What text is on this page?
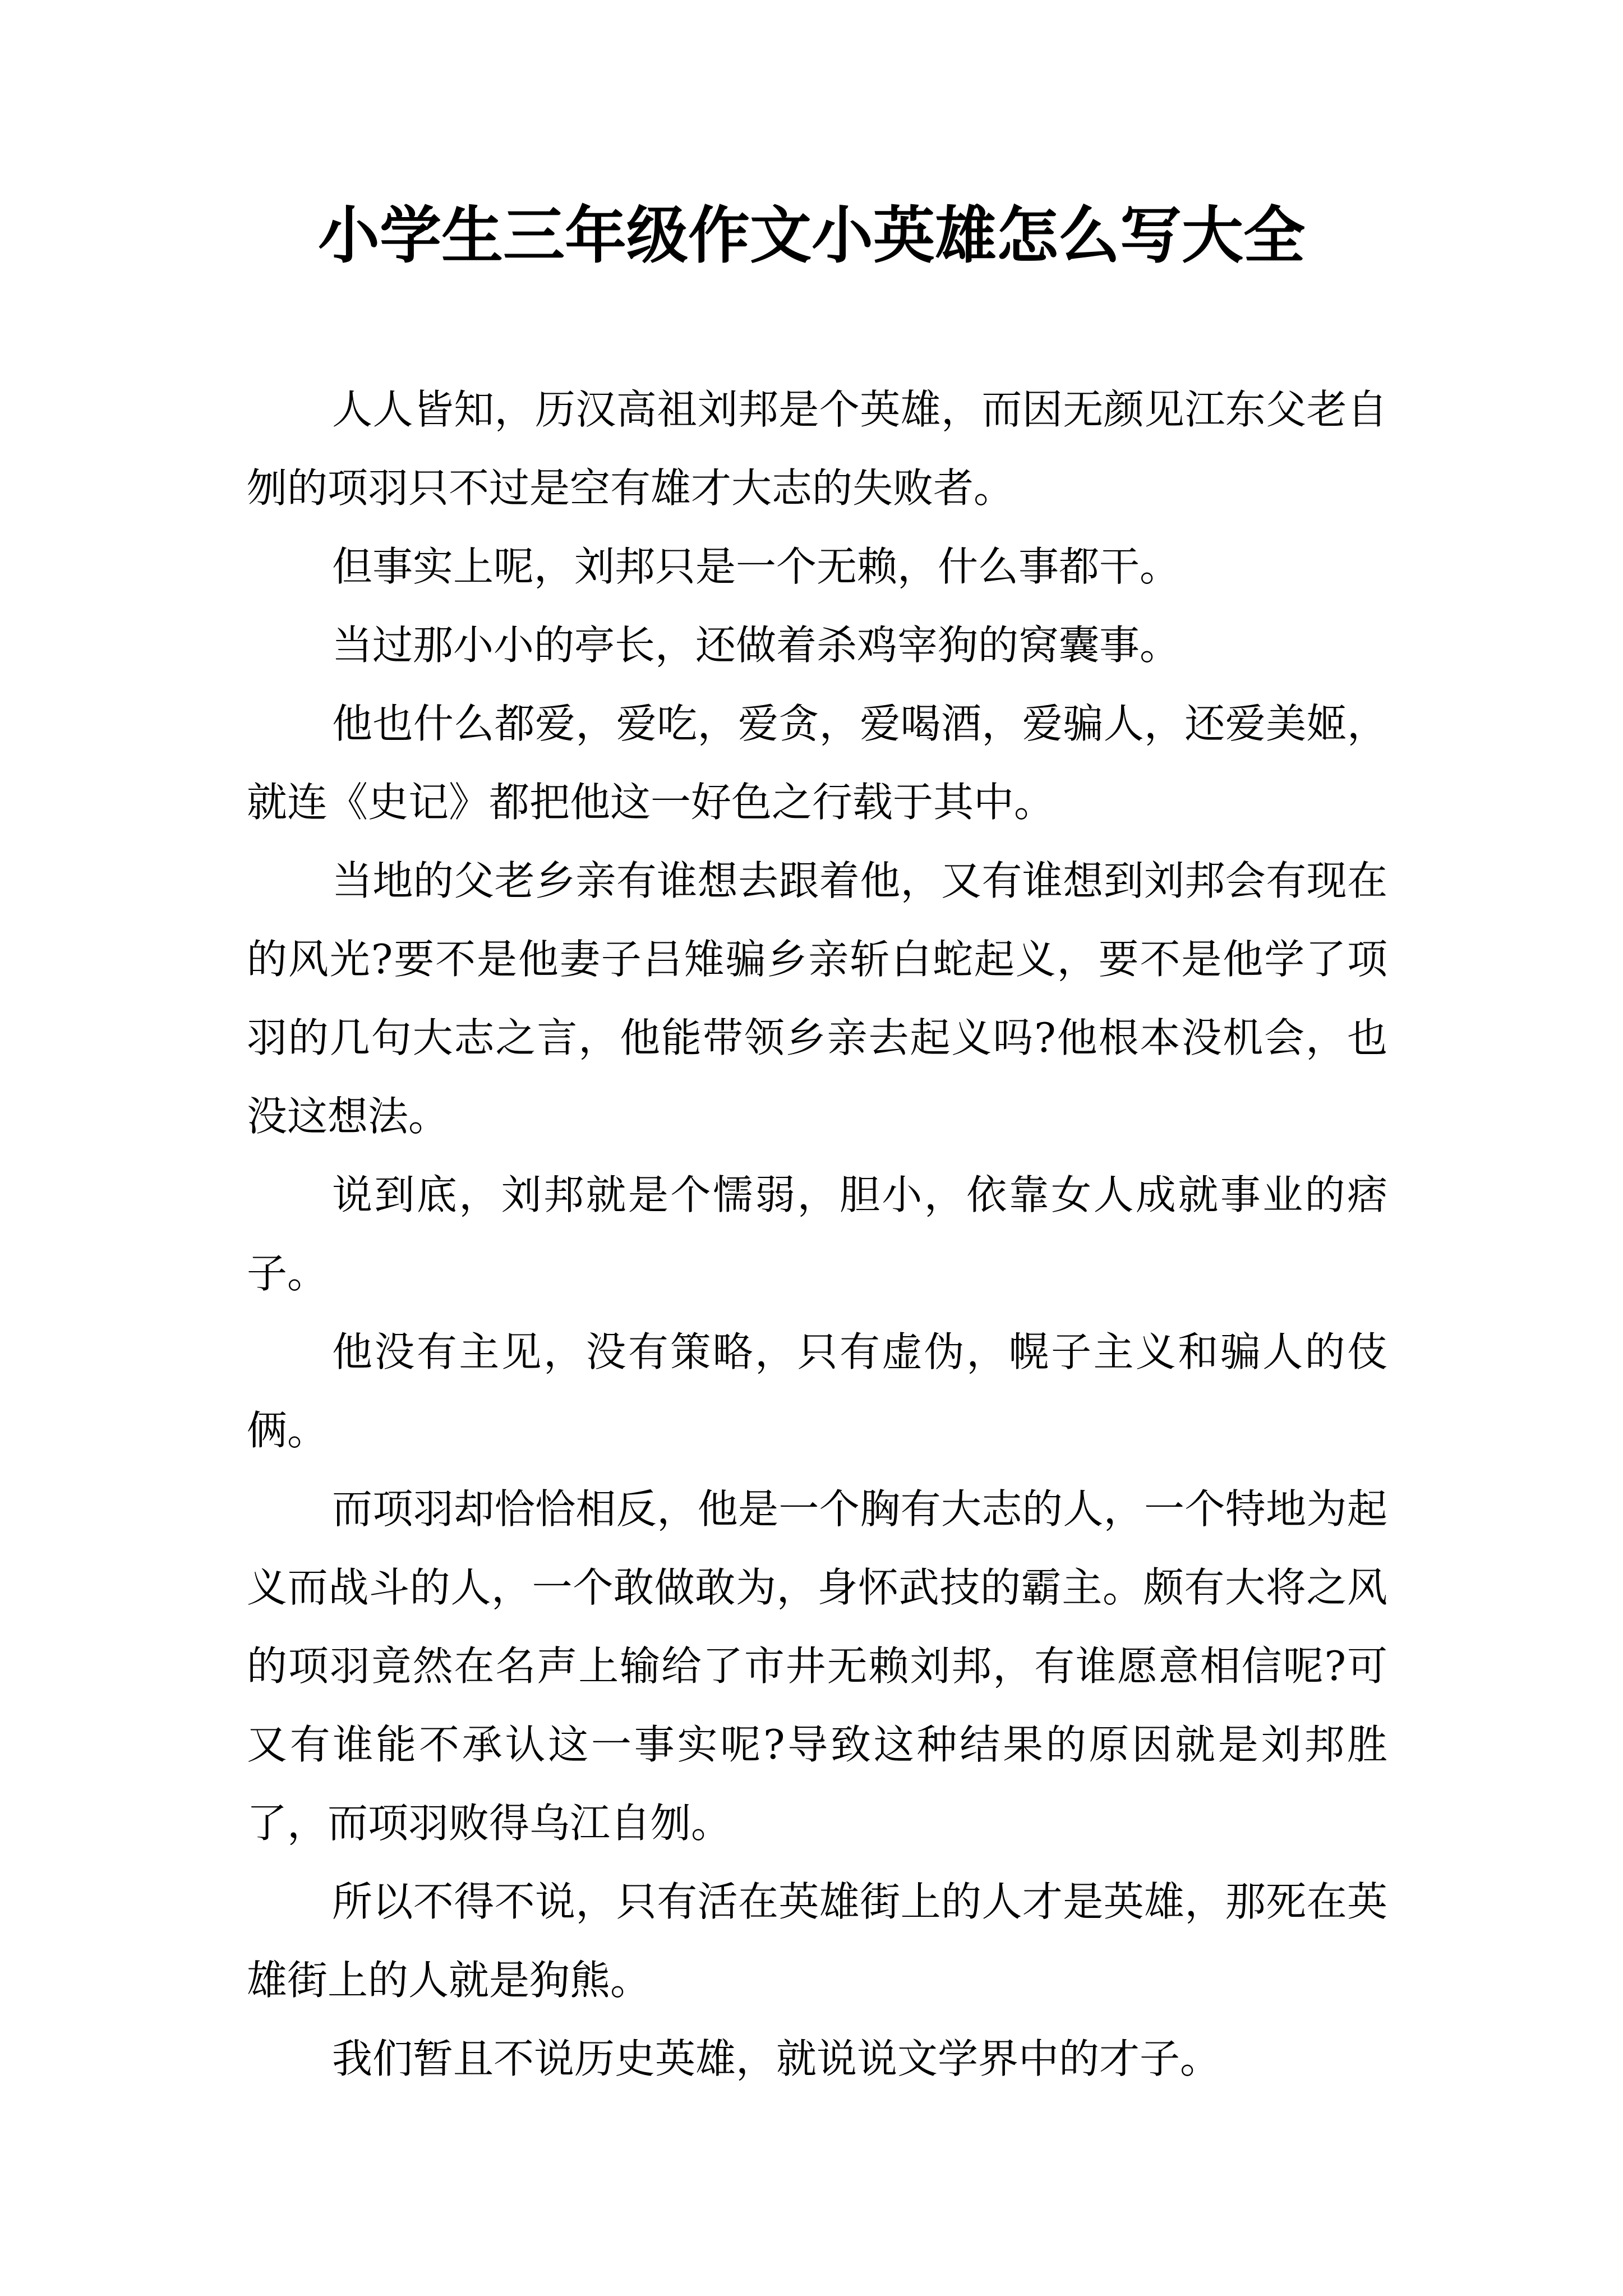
小学生三年级作文小英雄怎么写大全

人人皆知，历汉高祖刘邦是个英雄，而因无颜见江东父老自刎的项羽只不过是空有雄才大志的失败者。

但事实上呢，刘邦只是一个无赖，什么事都干。

当过那小小的亭长，还做着杀鸡宰狗的窝囊事。

他也什么都爱，爱吃，爱贪，爱喝酒，爱骗人，还爱美姬，就连《史记》都把他这一好色之行载于其中。

当地的父老乡亲有谁想去跟着他，又有谁想到刘邦会有现在的风光?要不是他妻子吕雉骗乡亲斩白蛇起义，要不是他学了项羽的几句大志之言，他能带领乡亲去起义吗?他根本没机会，也没这想法。

说到底，刘邦就是个懦弱，胆小，依靠女人成就事业的痞子。

他没有主见，没有策略，只有虚伪，幌子主义和骗人的伎俩。

而项羽却恰恰相反，他是一个胸有大志的人，一个特地为起义而战斗的人，一个敢做敢为，身怀武技的霸主。颇有大将之风的项羽竟然在名声上输给了市井无赖刘邦，有谁愿意相信呢?可又有谁能不承认这一事实呢?导致这种结果的原因就是刘邦胜了，而项羽败得乌江自刎。

所以不得不说，只有活在英雄街上的人才是英雄，那死在英雄街上的人就是狗熊。

我们暂且不说历史英雄，就说说文学界中的才子。
